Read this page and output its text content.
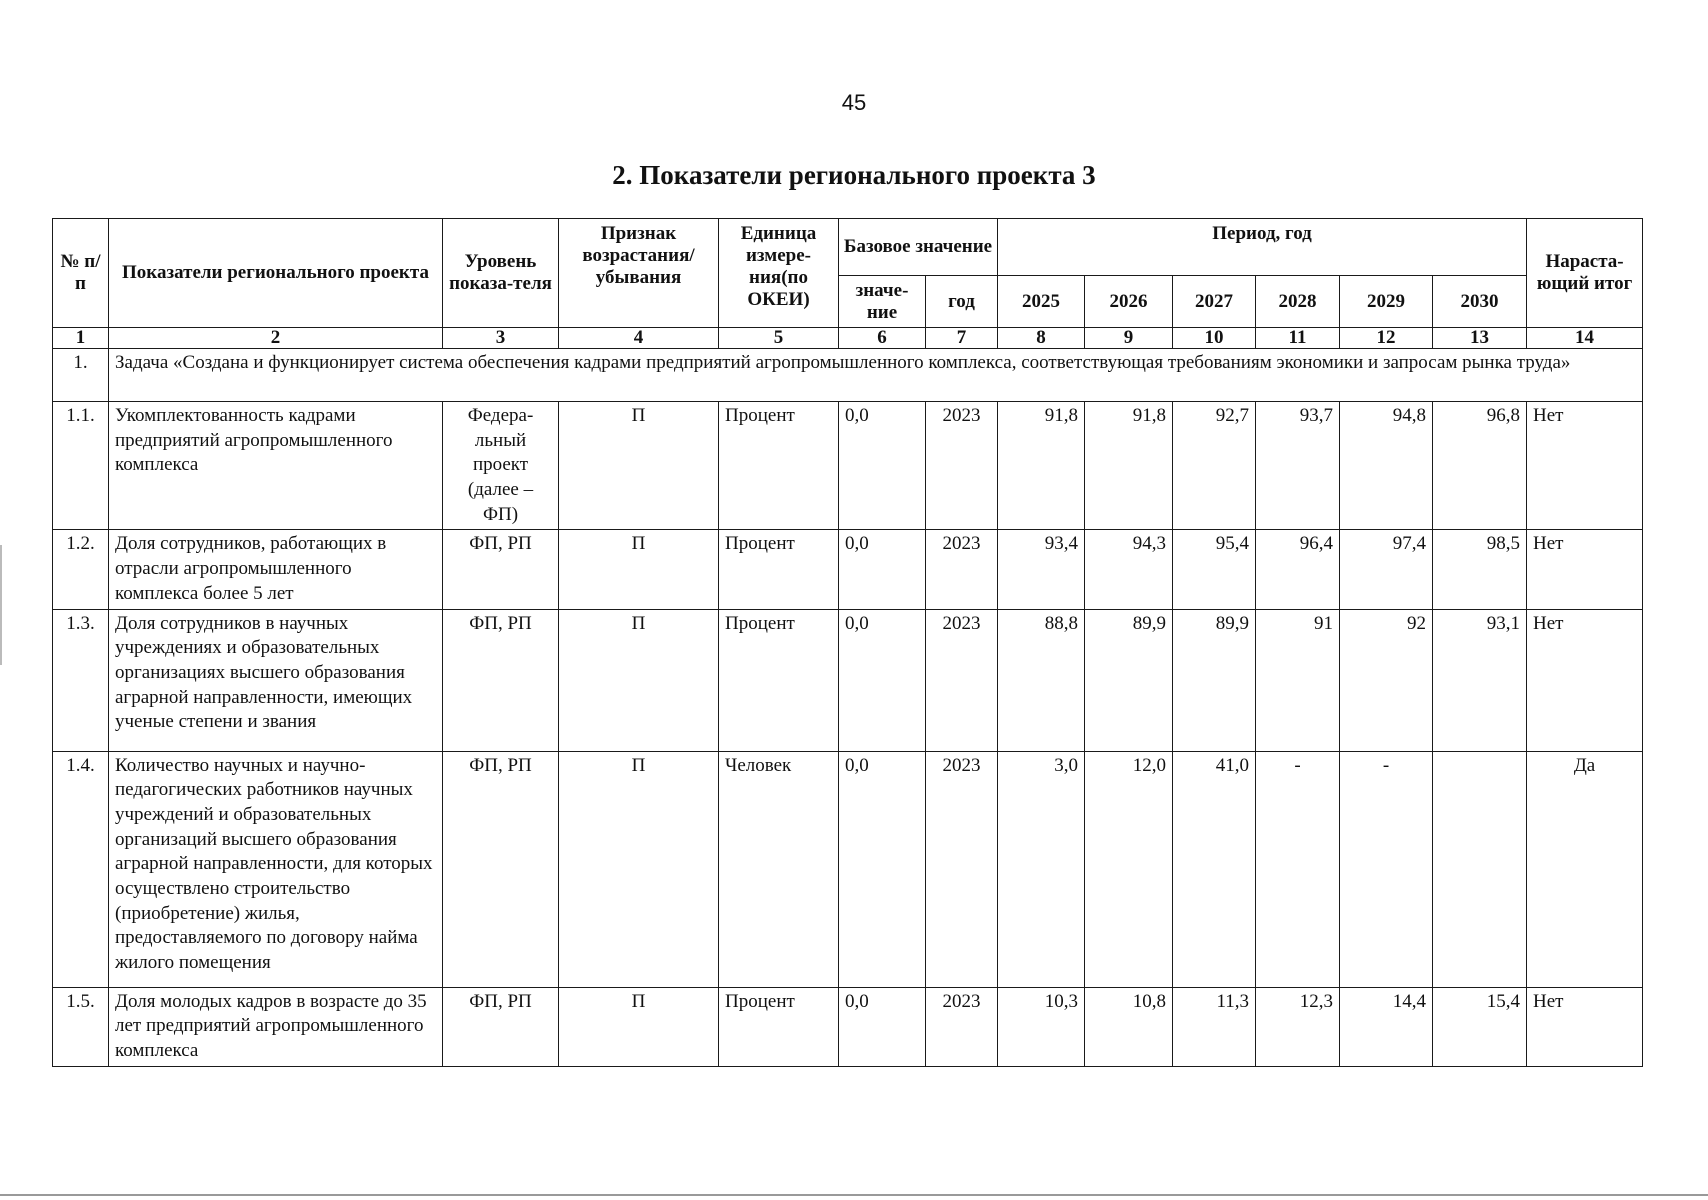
45
2. Показатели регионального проекта 3
№ п/п	Показатели регионального проекта	Уровень показа-теля	Признак возрастания/ убывания	Единица измере-ния(по ОКЕИ)	Базовое значение		Период, год						Нараста-ющий итог
					значе-ние	год	2025	2026	2027	2028	2029	2030	
1	2	3	4	5	6	7	8	9	10	11	12	13	14
1.	Задача «Создана и функционирует система обеспечения кадрами предприятий агропромышленного комплекса, соответствующая требованиям экономики и запросам рынка труда»												
1.1.	Укомплектованность кадрами предприятий агропромышленного комплекса	Федера-льный проект (далее – ФП)	П	Процент	0,0	2023	91,8	91,8	92,7	93,7	94,8	96,8	Нет
1.2.	Доля сотрудников, работающих в отрасли агропромышленного комплекса более 5 лет	ФП, РП	П	Процент	0,0	2023	93,4	94,3	95,4	96,4	97,4	98,5	Нет
1.3.	Доля сотрудников в научных учреждениях и образовательных организациях высшего образования аграрной направленности, имеющих ученые степени и звания	ФП, РП	П	Процент	0,0	2023	88,8	89,9	89,9	91	92	93,1	Нет
1.4.	Количество научных и научно-педагогических работников научных учреждений и образовательных организаций высшего образования аграрной направленности, для которых осуществлено строительство (приобретение) жилья, предоставляемого по договору найма жилого помещения	ФП, РП	П	Человек	0,0	2023	3,0	12,0	41,0	-	-		Да
1.5.	Доля молодых кадров в возрасте до 35 лет предприятий агропромышленного комплекса	ФП, РП	П	Процент	0,0	2023	10,3	10,8	11,3	12,3	14,4	15,4	Нет
